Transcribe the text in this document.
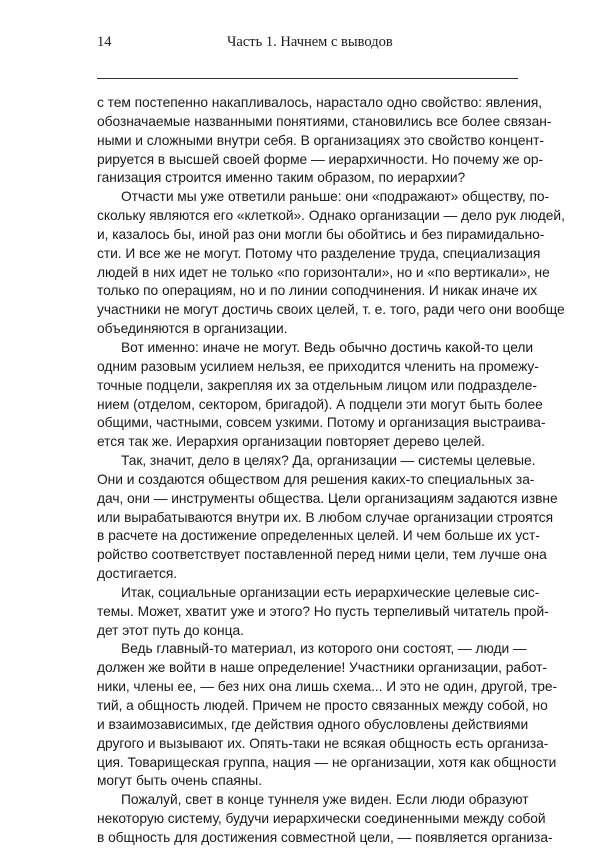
14	Часть 1. Начнем с выводов

с тем постепенно накапливалось, нарастало одно свойство: явления,
обозначаемые названными понятиями, становились все более связан-
ными и сложными внутри себя. В организациях это свойство концент-
рируется в высшей своей форме — иерархичности. Но почему же ор-
ганизация строится именно таким образом, по иерархии?

Отчасти мы уже ответили раньше: они «подражают» обществу, по-
скольку являются его «клеткой». Однако организации — дело рук людей,
и, казалось бы, иной раз они могли бы обойтись и без пирамидально-
сти. И все же не могут. Потому что разделение труда, специализация
людей в них идет не только «по горизонтали», но и «по вертикали», не
только по операциям, но и по линии соподчинения. И никак иначе их
участники не могут достичь своих целей, т. е. того, ради чего они вообще
объединяются в организации.

Вот именно: иначе не могут. Ведь обычно достичь какой-то цели
одним разовым усилием нельзя, ее приходится членить на промежу-
точные подцели, закрепляя их за отдельным лицом или подразделе-
нием (отделом, сектором, бригадой). А подцели эти могут быть более
общими, частными, совсем узкими. Потому и организация выстраива-
ется так же. Иерархия организации повторяет дерево целей.

Так, значит, дело в целях? Да, организации — системы целевые.
Они и создаются обществом для решения каких-то специальных за-
дач, они — инструменты общества. Цели организациям задаются извне
или вырабатываются внутри их. В любом случае организации строятся
в расчете на достижение определенных целей. И чем больше их уст-
ройство соответствует поставленной перед ними цели, тем лучше она
достигается.

Итак, социальные организации есть иерархические целевые сис-
темы. Может, хватит уже и этого? Но пусть терпеливый читатель прой-
дет этот путь до конца.

Ведь главный-то материал, из которого они состоят, — люди —
должен же войти в наше определение! Участники организации, работ-
ники, члены ее, — без них она лишь схема... И это не один, другой, тре-
тий, а общность людей. Причем не просто связанных между собой, но
и взаимозависимых, где действия одного обусловлены действиями
другого и вызывают их. Опять-таки не всякая общность есть организа-
ция. Товарищеская группа, нация — не организации, хотя как общности
могут быть очень спаяны.

Пожалуй, свет в конце туннеля уже виден. Если люди образуют
некоторую систему, будучи иерархически соединенными между собой
в общность для достижения совместной цели, — появляется организа-
